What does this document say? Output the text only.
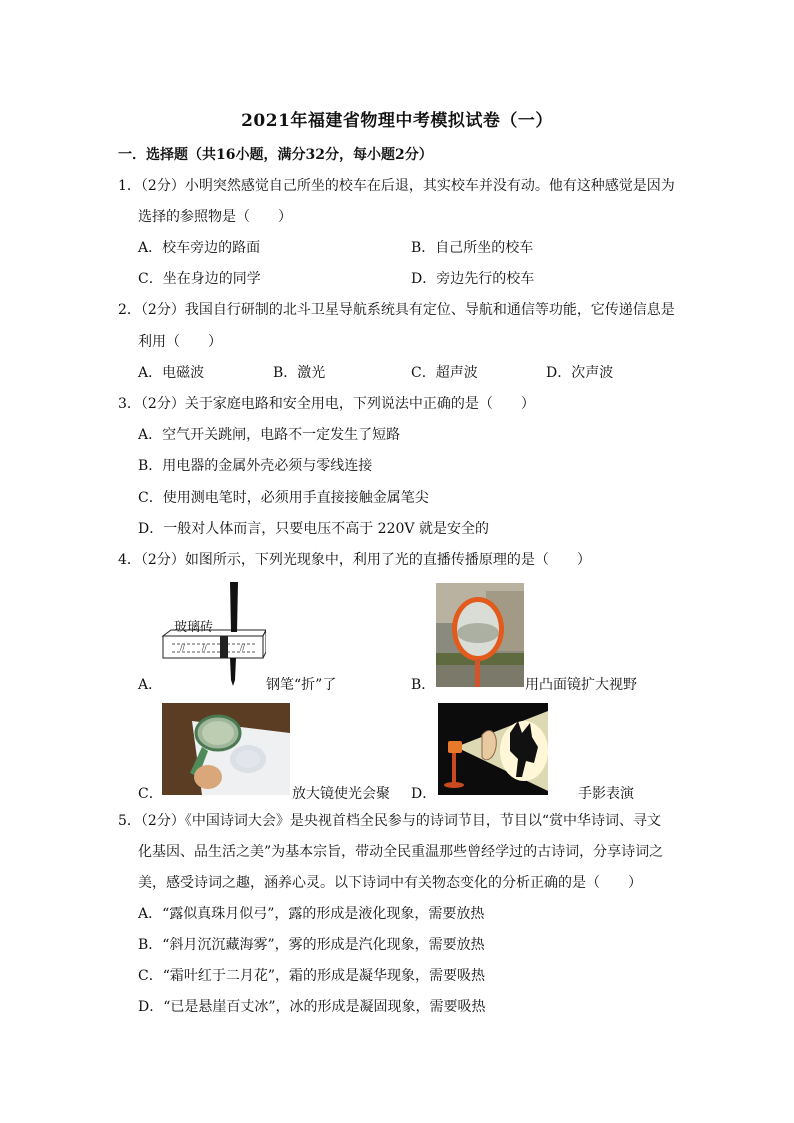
2021年福建省物理中考模拟试卷（一）
一．选择题（共16小题，满分32分，每小题2分）
1．（2分）小明突然感觉自己所坐的校车在后退，其实校车并没有动。他有这种感觉是因为
选择的参照物是（　　）
A．校车旁边的路面	B．自己所坐的校车
C．坐在身边的同学	D．旁边先行的校车
2．（2分）我国自行研制的北斗卫星导航系统具有定位、导航和通信等功能，它传递信息是
利用（　　）
A．电磁波	B．激光	C．超声波	D．次声波
3．（2分）关于家庭电路和安全用电，下列说法中正确的是（　　）
A．空气开关跳闸，电路不一定发生了短路
B．用电器的金属外壳必须与零线连接
C．使用测电笔时，必须用手直接接触金属笔尖
D．一般对人体而言，只要电压不高于 220V 就是安全的
4．（2分）如图所示，下列光现象中，利用了光的直播传播原理的是（　　）
// //	//
玻璃砖
A．	钢笔“折”了	B．	用凸面镜扩大视野
C．	放大镜使光会聚 D．	手影表演
5．（2分）《中国诗词大会》是央视首档全民参与的诗词节目，节目以“赏中华诗词、寻文
化基因、品生活之美”为基本宗旨，带动全民重温那些曾经学过的古诗词，分享诗词之
美，感受诗词之趣，涵养心灵。以下诗词中有关物态变化的分析正确的是（　　）
A．“露似真珠月似弓”，露的形成是液化现象，需要放热
B．“斜月沉沉藏海雾”，雾的形成是汽化现象，需要放热
C．“霜叶红于二月花”，霜的形成是凝华现象，需要吸热
D．“已是悬崖百丈冰”，冰的形成是凝固现象，需要吸热
